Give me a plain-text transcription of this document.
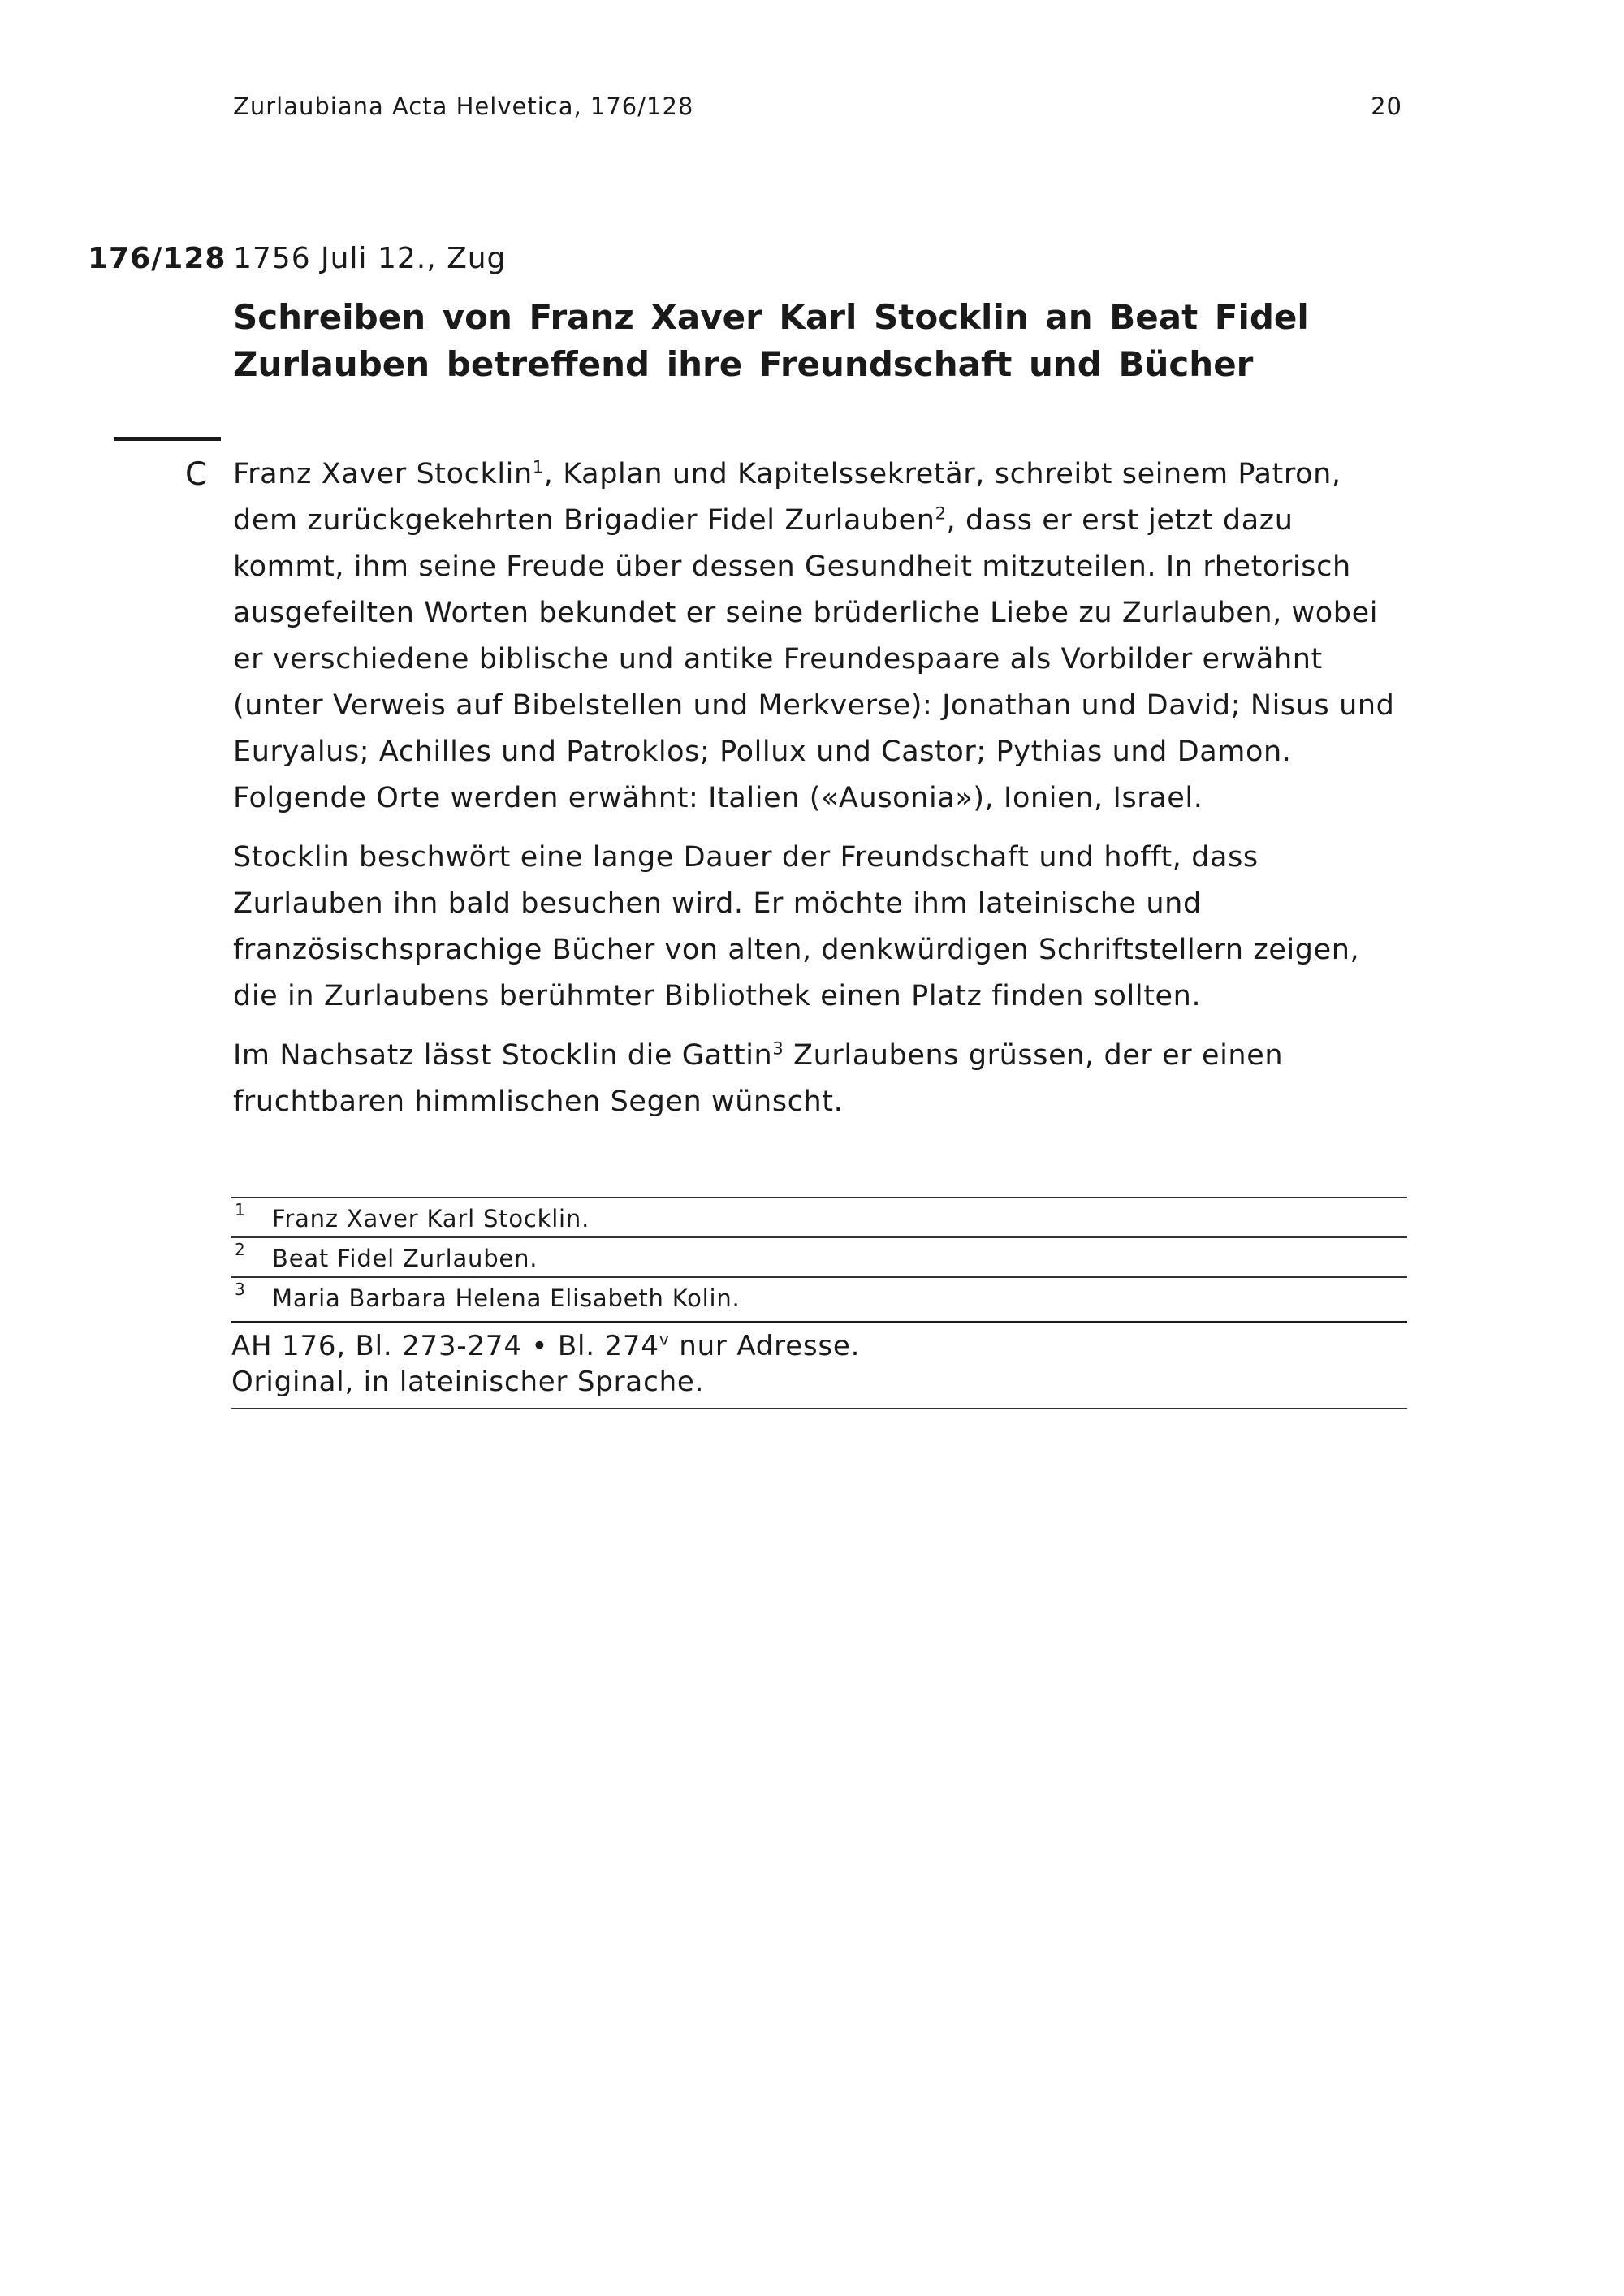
Zurlaubiana Acta Helvetica, 176/128	20
176/128 1756 Juli 12., Zug
Schreiben von Franz Xaver Karl Stocklin an Beat Fidel Zurlauben betreffend ihre Freundschaft und Bücher
C Franz Xaver Stocklin$^1$, Kaplan und Kapitelssekretär, schreibt seinem Patron, dem zurückgekehrten Brigadier Fidel Zurlauben$^2$, dass er erst jetzt dazu kommt, ihm seine Freude über dessen Gesundheit mitzuteilen. In rhetorisch ausgefeilten Worten bekundet er seine brüderliche Liebe zu Zurlauben, wobei er verschiedene biblische und antike Freundespaare als Vorbilder erwähnt (unter Verweis auf Bibelstellen und Merkverse): Jonathan und David; Nisus und Euryalus; Achilles und Patroklos; Pollux und Castor; Pythias und Damon. Folgende Orte werden erwähnt: Italien («Ausonia»), Ionien, Israel.

Stocklin beschwört eine lange Dauer der Freundschaft und hofft, dass Zurlauben ihn bald besuchen wird. Er möchte ihm lateinische und französischsprachige Bücher von alten, denkwürdigen Schriftstellern zeigen, die in Zurlaubens berühmter Bibliothek einen Platz finden sollten.

Im Nachsatz lässt Stocklin die Gattin$^3$ Zurlaubens grüssen, der er einen fruchtbaren himmlischen Segen wünscht.

1 Franz Xaver Karl Stocklin.
2 Beat Fidel Zurlauben.
3 Maria Barbara Helena Elisabeth Kolin.
AH 176, Bl. 273-274 • Bl. 274$^v$ nur Adresse.
Original, in lateinischer Sprache.
